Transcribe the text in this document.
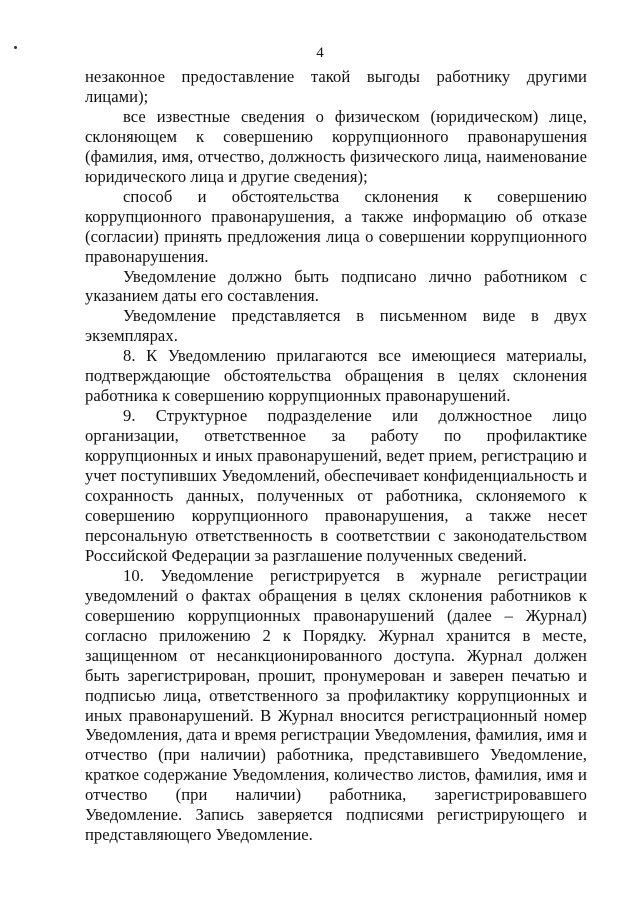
4

незаконное предоставление такой выгоды работнику другими лицами);

все известные сведения о физическом (юридическом) лице, склоняющем к совершению коррупционного правонарушения (фамилия, имя, отчество, должность физического лица, наименование юридического лица и другие сведения);

способ и обстоятельства склонения к совершению коррупционного правонарушения, а также информацию об отказе (согласии) принять предложения лица о совершении коррупционного правонарушения.

Уведомление должно быть подписано лично работником с указанием даты его составления.

Уведомление представляется в письменном виде в двух экземплярах.

8. К Уведомлению прилагаются все имеющиеся материалы, подтверждающие обстоятельства обращения в целях склонения работника к совершению коррупционных правонарушений.

9. Структурное подразделение или должностное лицо организации, ответственное за работу по профилактике коррупционных и иных правонарушений, ведет прием, регистрацию и учет поступивших Уведомлений, обеспечивает конфиденциальность и сохранность данных, полученных от работника, склоняемого к совершению коррупционного правонарушения, а также несет персональную ответственность в соответствии с законодательством Российской Федерации за разглашение полученных сведений.

10. Уведомление регистрируется в журнале регистрации уведомлений о фактах обращения в целях склонения работников к совершению коррупционных правонарушений (далее – Журнал) согласно приложению 2 к Порядку. Журнал хранится в месте, защищенном от несанкционированного доступа. Журнал должен быть зарегистрирован, прошит, пронумерован и заверен печатью и подписью лица, ответственного за профилактику коррупционных и иных правонарушений. В Журнал вносится регистрационный номер Уведомления, дата и время регистрации Уведомления, фамилия, имя и отчество (при наличии) работника, представившего Уведомление, краткое содержание Уведомления, количество листов, фамилия, имя и отчество (при наличии) работника, зарегистрировавшего Уведомление. Запись заверяется подписями регистрирующего и представляющего Уведомление.
